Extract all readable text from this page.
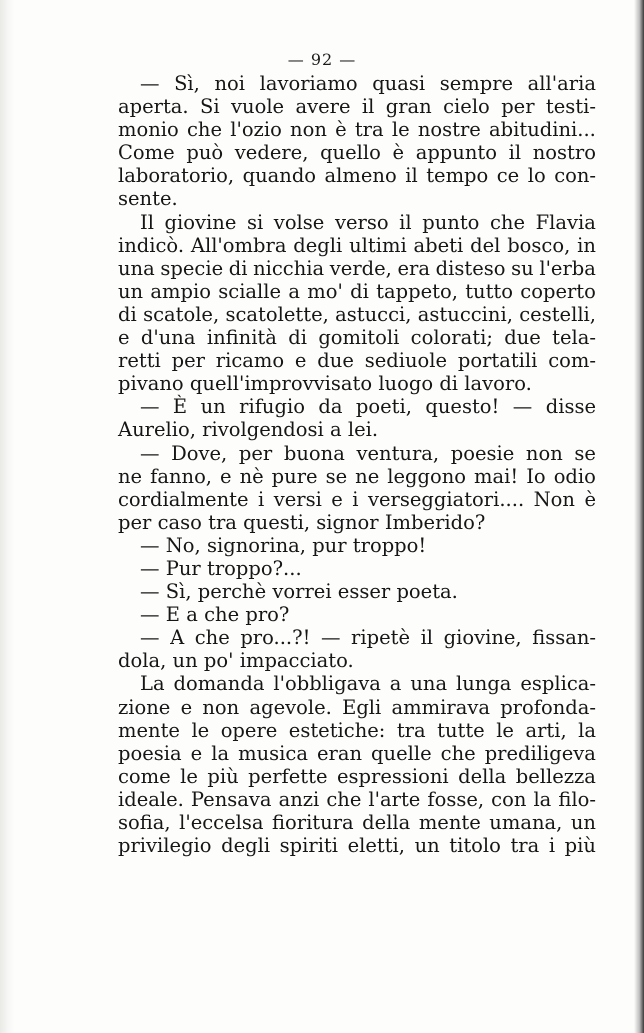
— 92 —
— Sì, noi lavoriamo quasi sempre all'aria
aperta. Si vuole avere il gran cielo per testi-
monio che l'ozio non è tra le nostre abitudini...
Come può vedere, quello è appunto il nostro
laboratorio, quando almeno il tempo ce lo con-
sente.
Il giovine si volse verso il punto che Flavia
indicò. All'ombra degli ultimi abeti del bosco, in
una specie di nicchia verde, era disteso su l'erba
un ampio scialle a mo' di tappeto, tutto coperto
di scatole, scatolette, astucci, astuccini, cestelli,
e d'una infinità di gomitoli colorati; due tela-
retti per ricamo e due sediuole portatili com-
pivano quell'improvvisato luogo di lavoro.
— È un rifugio da poeti, questo! — disse
Aurelio, rivolgendosi a lei.
— Dove, per buona ventura, poesie non se
ne fanno, e nè pure se ne leggono mai! Io odio
cordialmente i versi e i verseggiatori.... Non è
per caso tra questi, signor Imberido?
— No, signorina, pur troppo!
— Pur troppo?...
— Sì, perchè vorrei esser poeta.
— E a che pro?
— A che pro...?! — ripetè il giovine, fissan-
dola, un po' impacciato.
La domanda l'obbligava a una lunga esplica-
zione e non agevole. Egli ammirava profonda-
mente le opere estetiche: tra tutte le arti, la
poesia e la musica eran quelle che prediligeva
come le più perfette espressioni della bellezza
ideale. Pensava anzi che l'arte fosse, con la filo-
sofia, l'eccelsa fioritura della mente umana, un
privilegio degli spiriti eletti, un titolo tra i più
